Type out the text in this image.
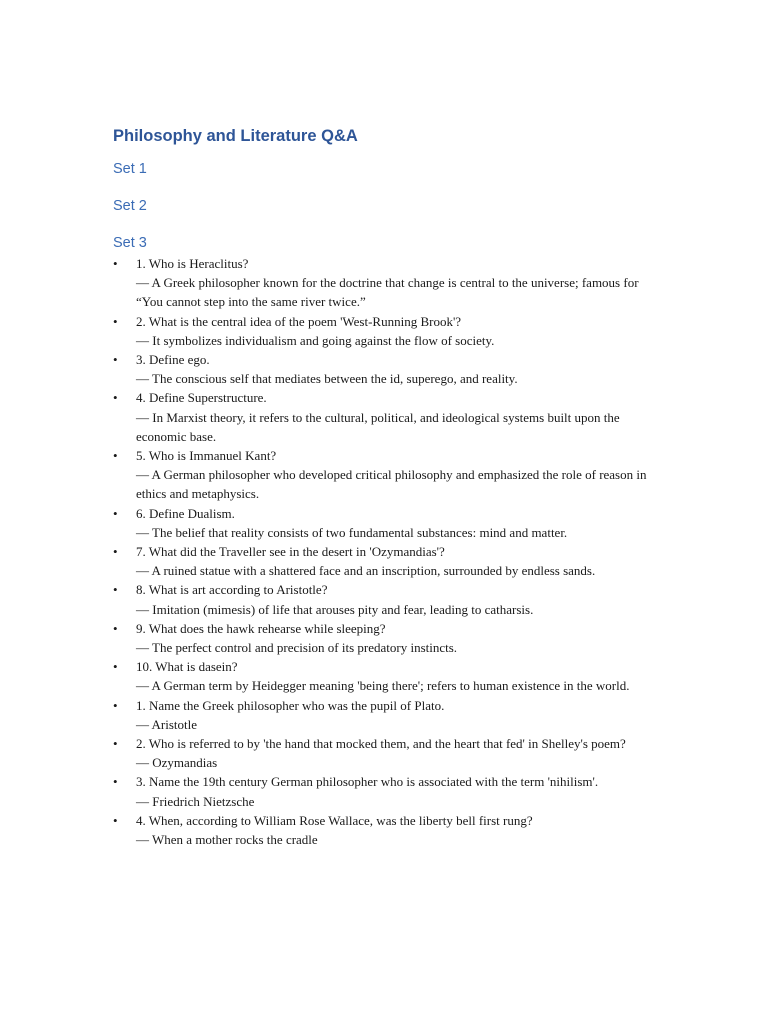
Philosophy and Literature Q&A
Set 1
Set 2
Set 3
• 1. Who is Heraclitus?
— A Greek philosopher known for the doctrine that change is central to the universe; famous for “You cannot step into the same river twice.”
• 2. What is the central idea of the poem 'West-Running Brook'?
— It symbolizes individualism and going against the flow of society.
• 3. Define ego.
— The conscious self that mediates between the id, superego, and reality.
• 4. Define Superstructure.
— In Marxist theory, it refers to the cultural, political, and ideological systems built upon the economic base.
• 5. Who is Immanuel Kant?
— A German philosopher who developed critical philosophy and emphasized the role of reason in ethics and metaphysics.
• 6. Define Dualism.
— The belief that reality consists of two fundamental substances: mind and matter.
• 7. What did the Traveller see in the desert in 'Ozymandias'?
— A ruined statue with a shattered face and an inscription, surrounded by endless sands.
• 8. What is art according to Aristotle?
— Imitation (mimesis) of life that arouses pity and fear, leading to catharsis.
• 9. What does the hawk rehearse while sleeping?
— The perfect control and precision of its predatory instincts.
• 10. What is dasein?
— A German term by Heidegger meaning 'being there'; refers to human existence in the world.
• 1. Name the Greek philosopher who was the pupil of Plato.
— Aristotle
• 2. Who is referred to by 'the hand that mocked them, and the heart that fed' in Shelley's poem?
— Ozymandias
• 3. Name the 19th century German philosopher who is associated with the term 'nihilism'.
— Friedrich Nietzsche
• 4. When, according to William Rose Wallace, was the liberty bell first rung?
— When a mother rocks the cradle
